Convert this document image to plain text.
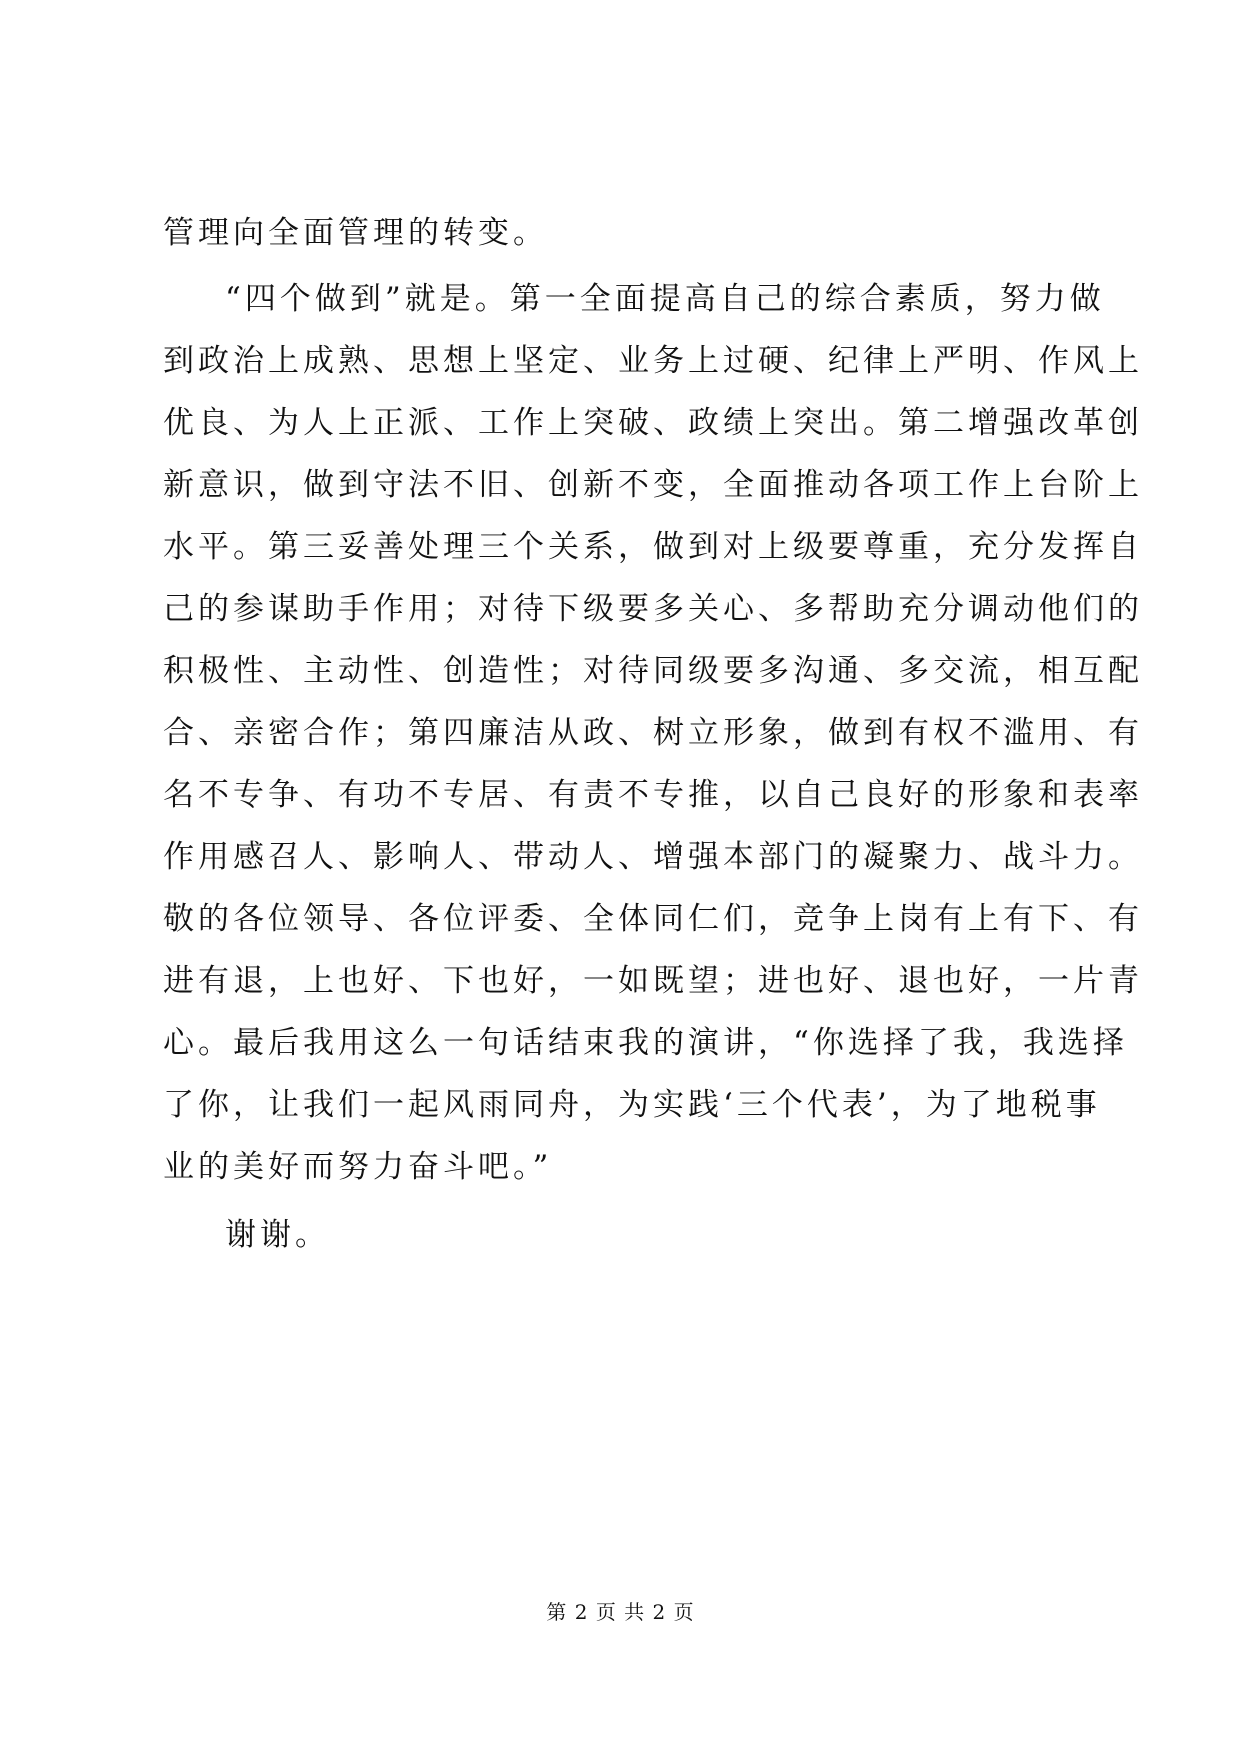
管理向全面管理的转变。
“四个做到”就是。第一全面提高自己的综合素质，努力做
到政治上成熟、思想上坚定、业务上过硬、纪律上严明、作风上
优良、为人上正派、工作上突破、政绩上突出。第二增强改革创
新意识，做到守法不旧、创新不变，全面推动各项工作上台阶上
水平。第三妥善处理三个关系，做到对上级要尊重，充分发挥自
己的参谋助手作用；对待下级要多关心、多帮助充分调动他们的
积极性、主动性、创造性；对待同级要多沟通、多交流，相互配
合、亲密合作；第四廉洁从政、树立形象，做到有权不滥用、有
名不专争、有功不专居、有责不专推，以自己良好的形象和表率
作用感召人、影响人、带动人、增强本部门的凝聚力、战斗力。
敬的各位领导、各位评委、全体同仁们，竞争上岗有上有下、有
进有退，上也好、下也好，一如既望；进也好、退也好，一片青
心。最后我用这么一句话结束我的演讲，“你选择了我，我选择
了你，让我们一起风雨同舟，为实践‘三个代表’，为了地税事
业的美好而努力奋斗吧。”
谢谢。
第 2 页 共 2 页
